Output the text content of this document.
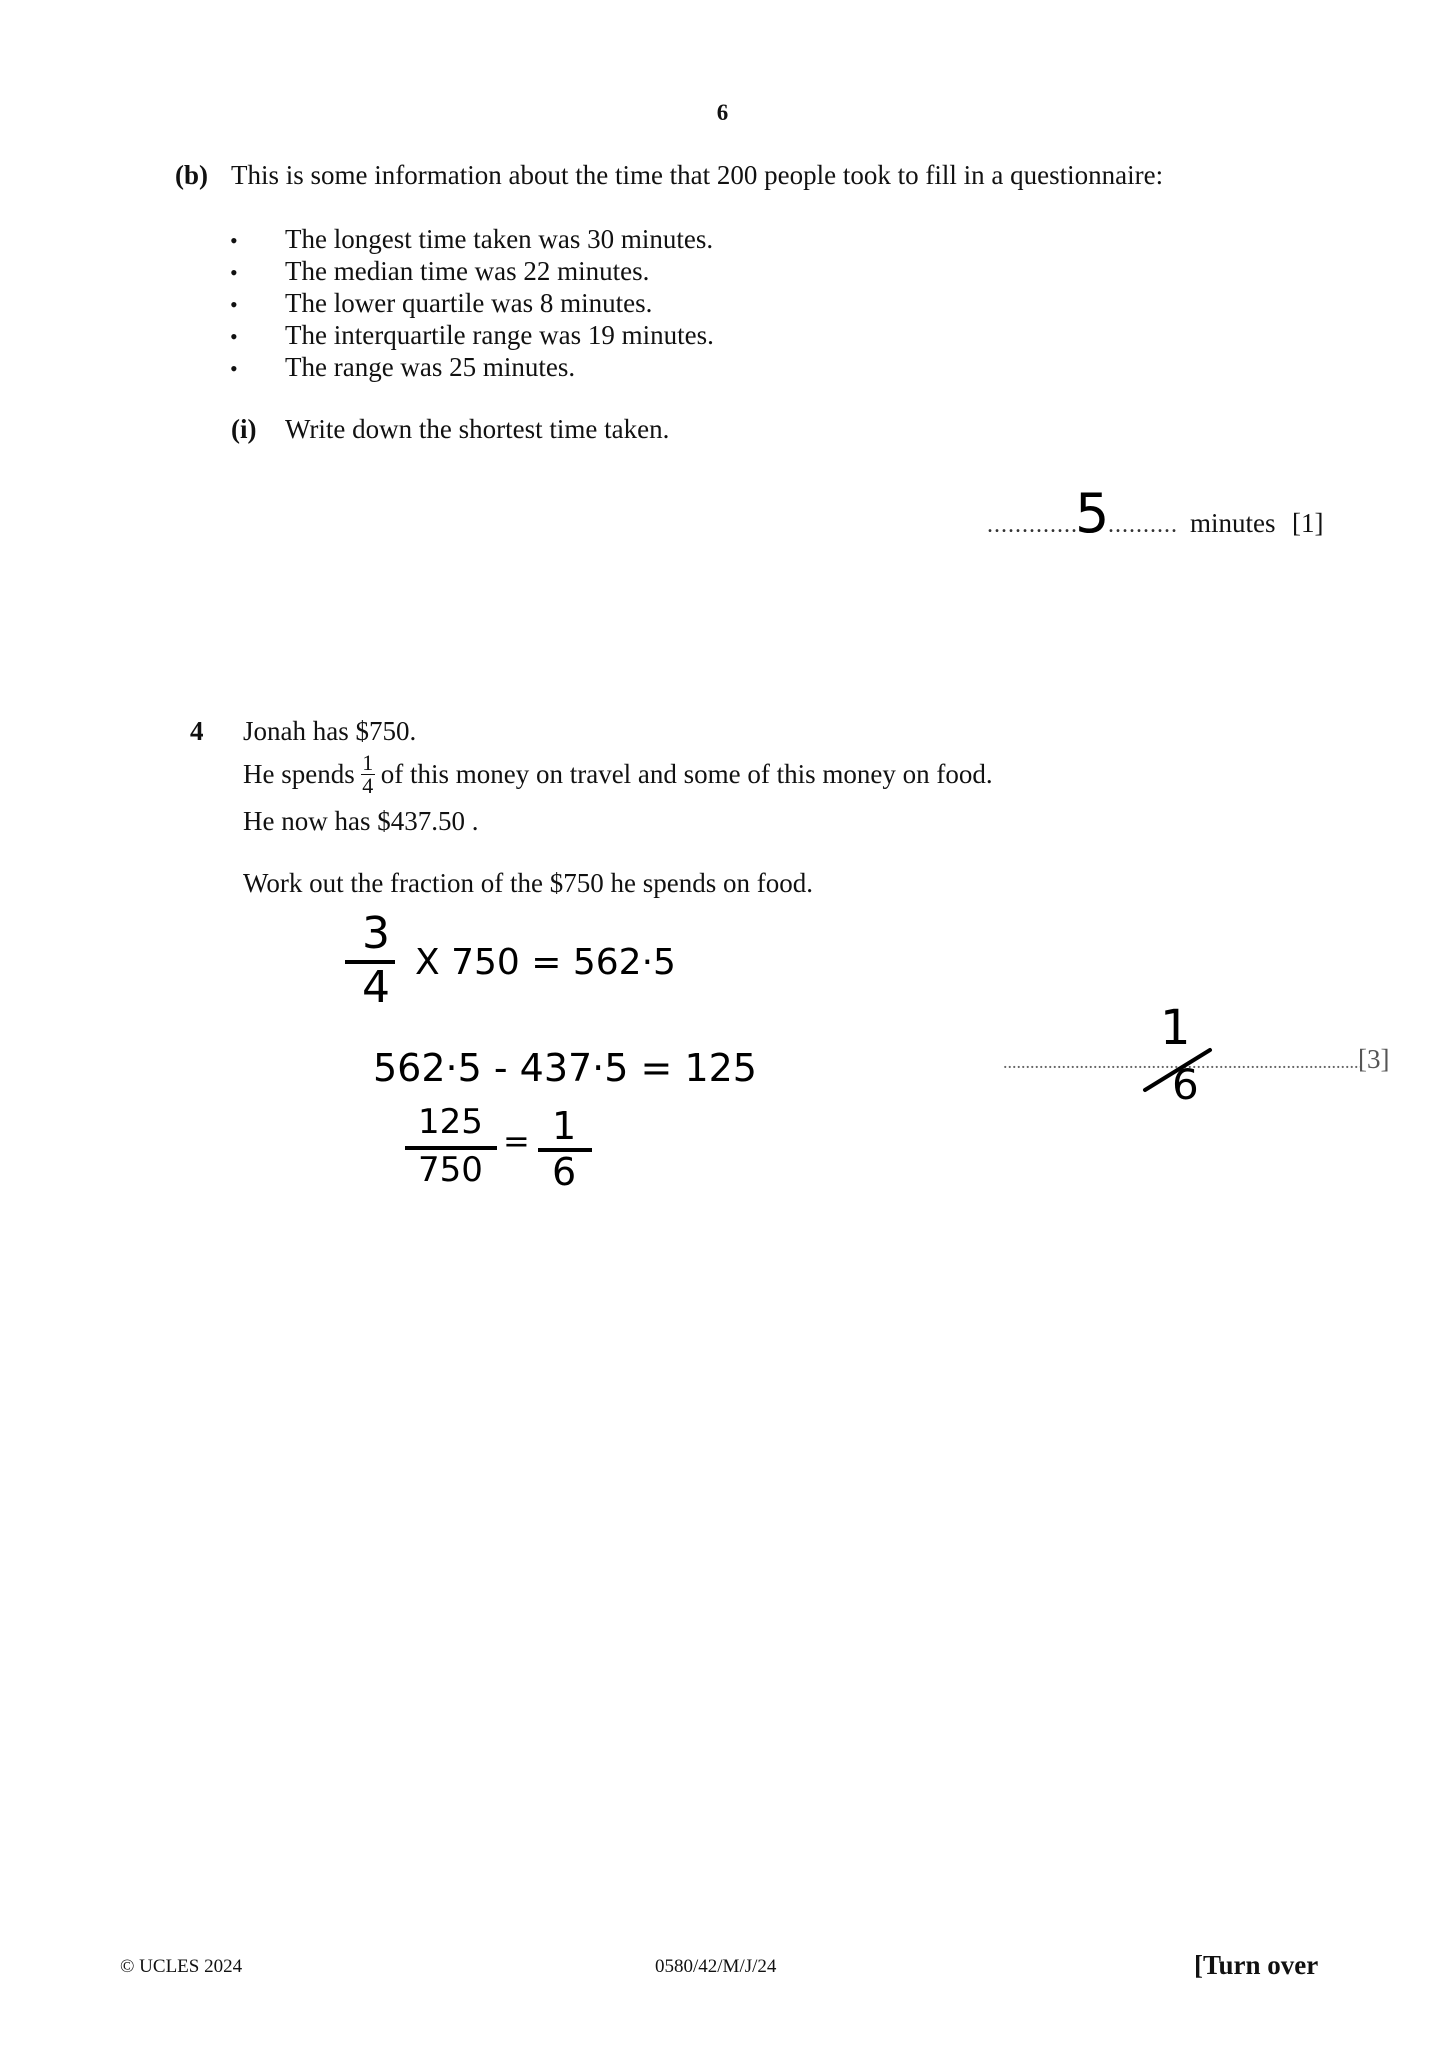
6
(b) This is some information about the time that 200 people took to fill in a questionnaire:
• The longest time taken was 30 minutes.
• The median time was 22 minutes.
• The lower quartile was 8 minutes.
• The interquartile range was 19 minutes.
• The range was 25 minutes.
(i) Write down the shortest time taken.
.............
5
.......... minutes [1]
4 Jonah has $750.
He spends $\frac{1}{4}$ of this money on travel and some of this money on food.
He now has $437.50 .
Work out the fraction of the $750 he spends on food.
3
4 X 750 = 562·5
562·5 - 437·5 = 125
125
750
= 1
6
................................................................................
1
6
[3]
© UCLES 2024	0580/42/M/J/24	[Turn over
